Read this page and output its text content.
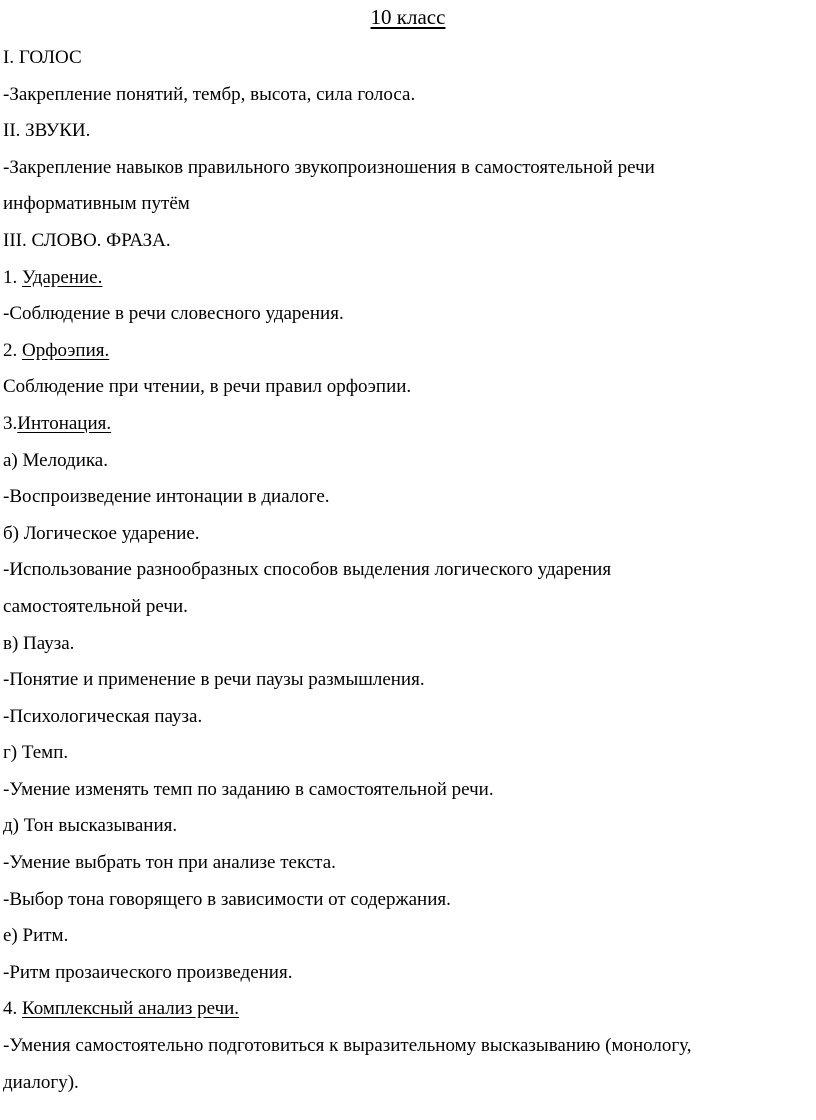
10 класс
I. ГОЛОС
-Закрепление понятий, тембр, высота, сила голоса.
II. ЗВУКИ.
-Закрепление навыков правильного звукопроизношения в самостоятельной речи
информативным путём
III. СЛОВО. ФРАЗА.
1. Ударение.
-Соблюдение в речи словесного ударения.
2. Орфоэпия.
Соблюдение при чтении, в речи правил орфоэпии.
3.Интонация.
а) Мелодика.
-Воспроизведение интонации в диалоге.
б) Логическое ударение.
-Использование разнообразных способов выделения логического ударения
самостоятельной речи.
в) Пауза.
-Понятие и применение в речи паузы размышления.
-Психологическая пауза.
г) Темп.
-Умение изменять темп по заданию в самостоятельной речи.
д) Тон высказывания.
-Умение выбрать тон при анализе текста.
-Выбор тона говорящего в зависимости от содержания.
е) Ритм.
-Ритм прозаического произведения.
4. Комплексный анализ речи.
-Умения самостоятельно подготовиться к выразительному высказыванию (монологу,
диалогу).
